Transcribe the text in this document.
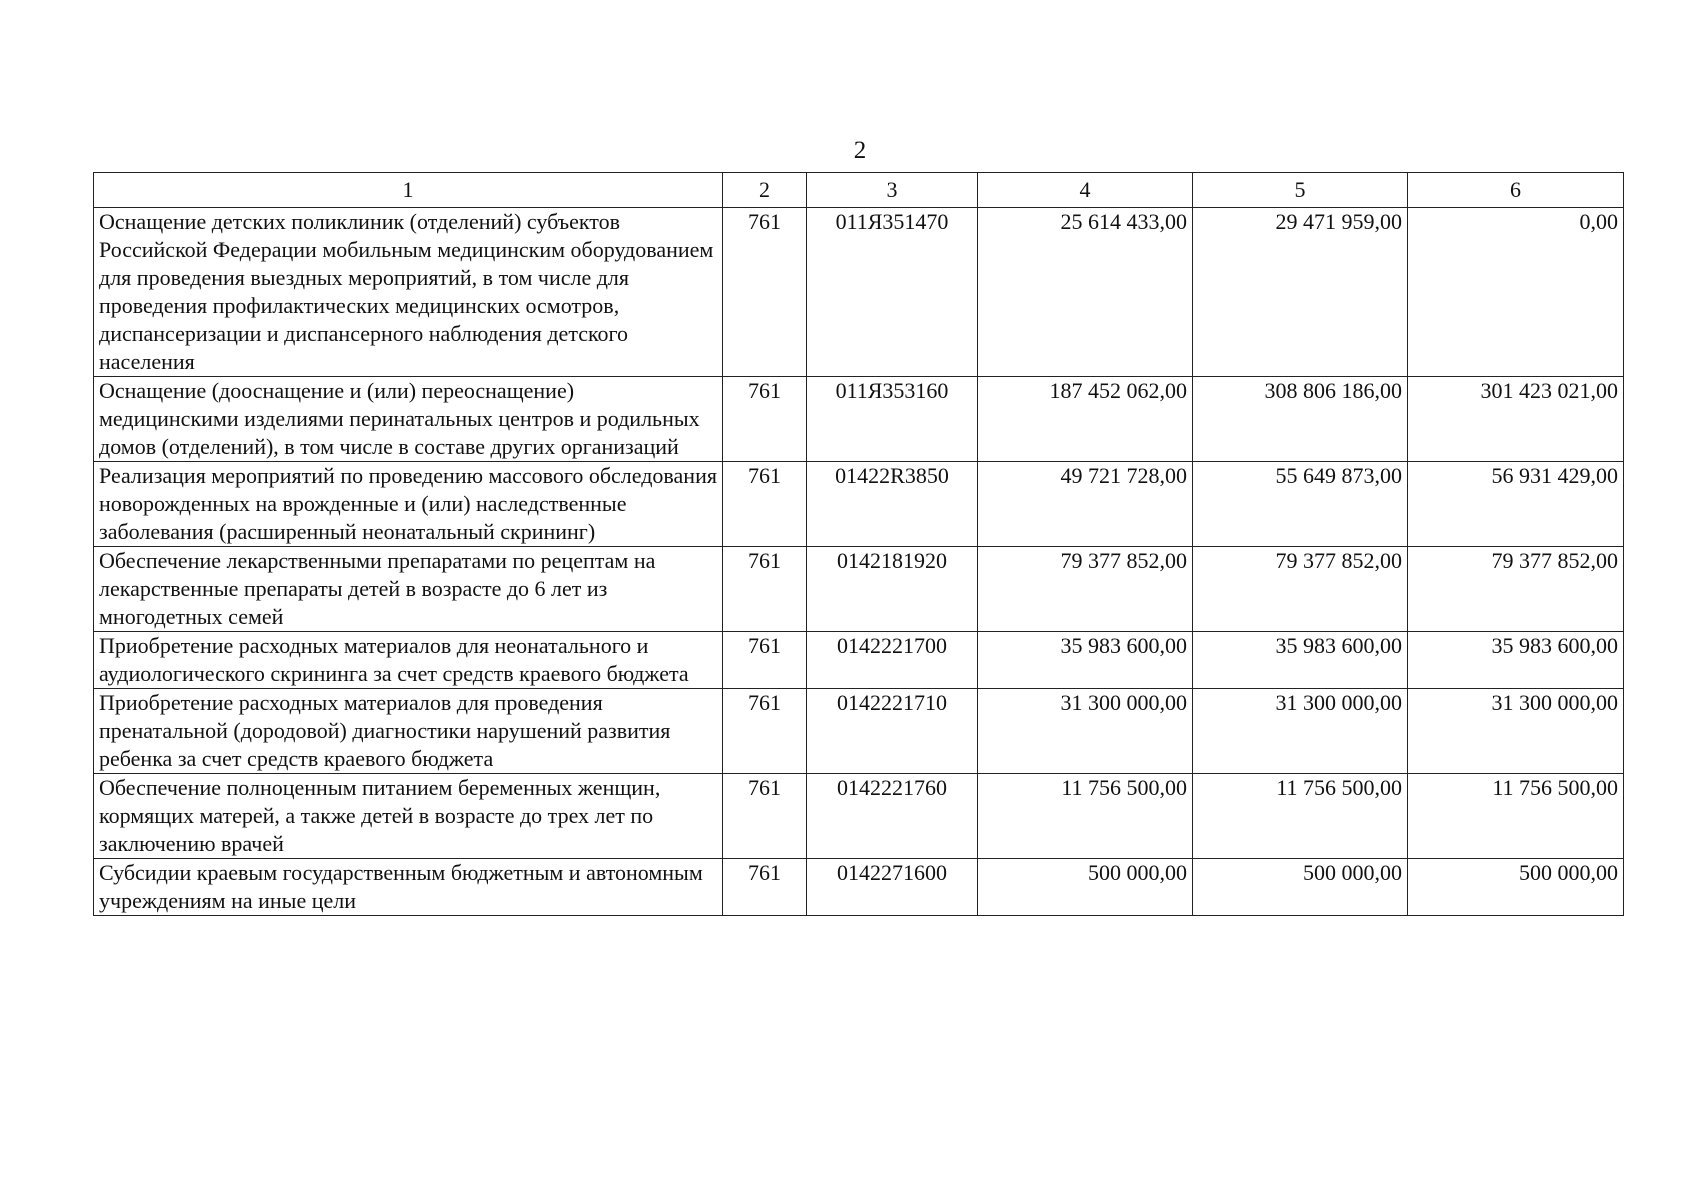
2
1	2	3	4	5	6
Оснащение детских поликлиник (отделений) субъектов Российской Федерации мобильным медицинским оборудованием для проведения выездных мероприятий, в том числе для проведения профилактических медицинских осмотров, диспансеризации и диспансерного наблюдения детского населения	761	011Я351470	25 614 433,00	29 471 959,00	0,00
Оснащение (дооснащение и (или) переоснащение) медицинскими изделиями перинатальных центров и родильных домов (отделений), в том числе в составе других организаций	761	011Я353160	187 452 062,00	308 806 186,00	301 423 021,00
Реализация мероприятий по проведению массового обследования новорожденных на врожденные и (или) наследственные заболевания (расширенный неонатальный скрининг)	761	01422R3850	49 721 728,00	55 649 873,00	56 931 429,00
Обеспечение лекарственными препаратами по рецептам на лекарственные препараты детей в возрасте до 6 лет из многодетных семей	761	0142181920	79 377 852,00	79 377 852,00	79 377 852,00
Приобретение расходных материалов для неонатального и аудиологического скрининга за счет средств краевого бюджета	761	0142221700	35 983 600,00	35 983 600,00	35 983 600,00
Приобретение расходных материалов для проведения пренатальной (дородовой) диагностики нарушений развития ребенка за счет средств краевого бюджета	761	0142221710	31 300 000,00	31 300 000,00	31 300 000,00
Обеспечение полноценным питанием беременных женщин, кормящих матерей, а также детей в возрасте до трех лет по заключению врачей	761	0142221760	11 756 500,00	11 756 500,00	11 756 500,00
Субсидии краевым государственным бюджетным и автономным учреждениям на иные цели	761	0142271600	500 000,00	500 000,00	500 000,00
